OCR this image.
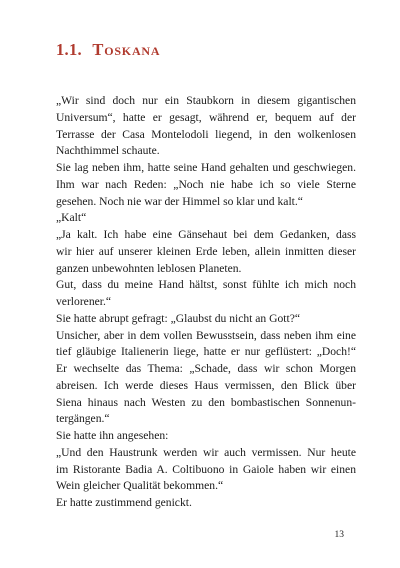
1.1. Toskana
„Wir sind doch nur ein Staubkorn in diesem gigantischen
Universum“, hatte er gesagt, während er, bequem auf der
Terrasse der Casa Montelodoli liegend, in den wolkenlosen
Nachthimmel schaute.
Sie lag neben ihm, hatte seine Hand gehalten und geschwiegen.
Ihm war nach Reden: „Noch nie habe ich so viele Sterne
gesehen. Noch nie war der Himmel so klar und kalt.“
„Kalt“
„Ja kalt. Ich habe eine Gänsehaut bei dem Gedanken, dass
wir hier auf unserer kleinen Erde leben, allein inmitten dieser
ganzen unbewohnten leblosen Planeten.
Gut, dass du meine Hand hältst, sonst fühlte ich mich noch
verlorener.“
Sie hatte abrupt gefragt: „Glaubst du nicht an Gott?“
Unsicher, aber in dem vollen Bewusstsein, dass neben ihm eine
tief gläubige Italienerin liege, hatte er nur geflüstert: „Doch!“
Er wechselte das Thema: „Schade, dass wir schon Morgen
abreisen. Ich werde dieses Haus vermissen, den Blick über
Siena hinaus nach Westen zu den bombastischen Sonnenun-
tergängen.“
Sie hatte ihn angesehen:
„Und den Haustrunk werden wir auch vermissen. Nur heute
im Ristorante Badia A. Coltibuono in Gaiole haben wir einen
Wein gleicher Qualität bekommen.“
Er hatte zustimmend genickt.
13
